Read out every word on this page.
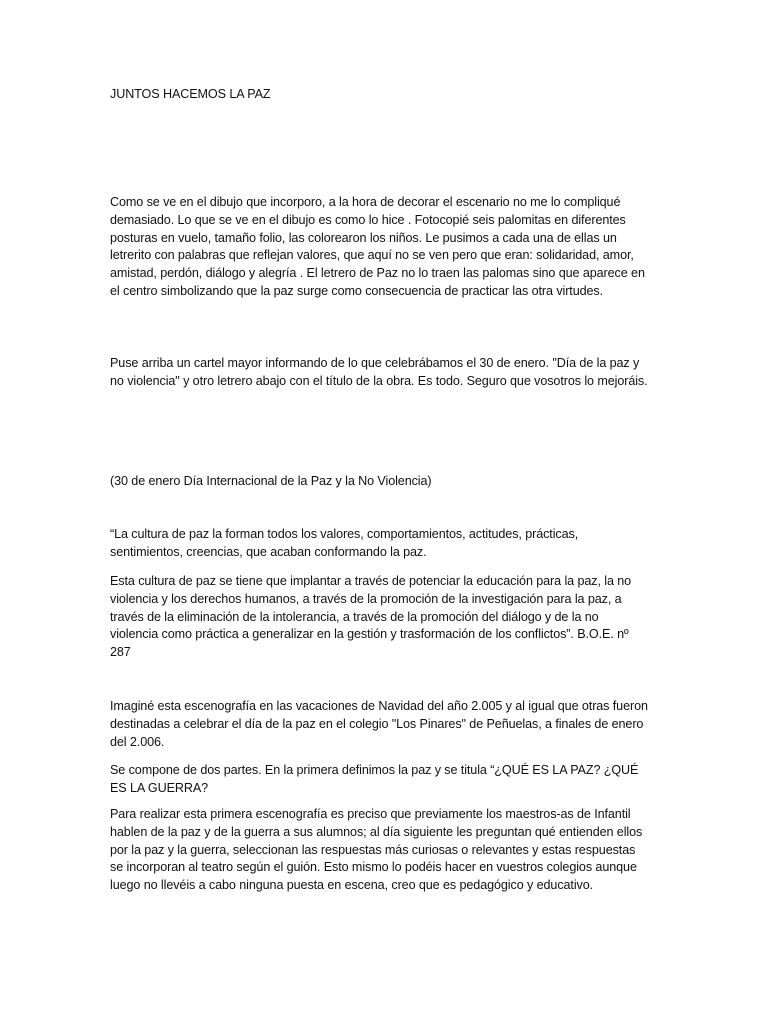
JUNTOS HACEMOS LA PAZ

Como se ve en el dibujo que incorporo, a la hora de decorar el escenario no me lo compliqué demasiado. Lo que se ve en el dibujo es como lo hice . Fotocopié seis palomitas en diferentes posturas en vuelo, tamaño folio, las colorearon los niños. Le pusimos a cada una de ellas un letrerito con palabras que reflejan valores, que aquí no se ven pero que eran: solidaridad, amor, amistad, perdón, diálogo y alegría . El letrero de Paz no lo traen las palomas sino que aparece en el centro simbolizando que la paz surge como consecuencia de practicar las otra virtudes.

Puse arriba un cartel mayor informando de lo que celebrábamos el 30 de enero. "Día de la paz y no violencia" y otro letrero abajo con el título de la obra. Es todo. Seguro que vosotros lo mejoráis.

(30 de enero Día Internacional de la Paz y la No Violencia)

“La cultura de paz la forman todos los valores, comportamientos, actitudes, prácticas, sentimientos, creencias, que acaban conformando la paz.

Esta cultura de paz se tiene que implantar a través de potenciar la educación para la paz, la no violencia y los derechos humanos, a través de la promoción de la investigación para la paz, a través de la eliminación de la intolerancia, a través de la promoción del diálogo y de la no violencia como práctica a generalizar en la gestión y trasformación de los conflictos”. B.O.E. nº 287

Imaginé esta escenografía en las vacaciones de Navidad del año 2.005 y al igual que otras fueron destinadas a celebrar el día de la paz en el colegio "Los Pinares" de Peñuelas, a finales de enero del 2.006.

Se compone de dos partes. En la primera definimos la paz y se titula “¿QUÉ ES LA PAZ? ¿QUÉ ES LA GUERRA?

Para realizar esta primera escenografía es preciso que previamente los maestros-as de Infantil hablen de la paz y de la guerra a sus alumnos; al día siguiente les preguntan qué entienden ellos por la paz y la guerra, seleccionan las respuestas más curiosas o relevantes y estas respuestas se incorporan al teatro según el guión. Esto mismo lo podéis hacer en vuestros colegios aunque luego no llevéis a cabo ninguna puesta en escena, creo que es pedagógico y educativo.
